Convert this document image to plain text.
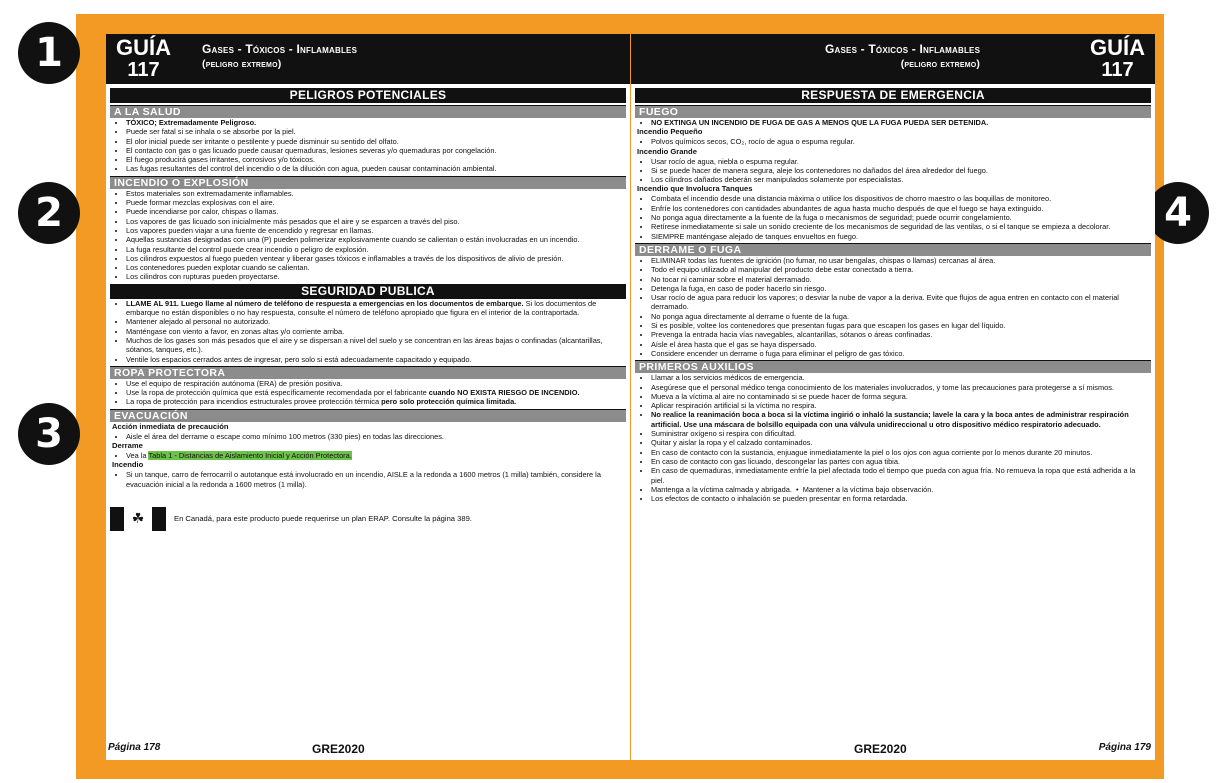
1
2
3
4
GUÍA
117
Gases - Tóxicos - Inflamables
(peligro extremo)
PELIGROS POTENCIALES
A LA SALUD
• TÓXICO; Extremadamente Peligroso.
• Puede ser fatal si se inhala o se absorbe por la piel.
• El olor inicial puede ser irritante o pestilente y puede disminuir su sentido del olfato.
• El contacto con gas o gas licuado puede causar quemaduras, lesiones severas y/o quemaduras por congelación.
• El fuego producirá gases irritantes, corrosivos y/o tóxicos.
• Las fugas resultantes del control del incendio o de la dilución con agua, pueden causar contaminación ambiental.
INCENDIO O EXPLOSIÓN
• Estos materiales son extremadamente inflamables.
• Puede formar mezclas explosivas con el aire.
• Puede incendiarse por calor, chispas o llamas.
• Los vapores de gas licuado son inicialmente más pesados que el aire y se esparcen a través del piso.
• Los vapores pueden viajar a una fuente de encendido y regresar en llamas.
• Aquellas sustancias designadas con una (P) pueden polimerizar explosivamente cuando se calientan o están involucradas en un incendio.
• La fuga resultante del control puede crear incendio o peligro de explosión.
• Los cilindros expuestos al fuego pueden ventear y liberar gases tóxicos e inflamables a través de los dispositivos de alivio de presión.
• Los contenedores pueden explotar cuando se calientan.
• Los cilindros con rupturas pueden proyectarse.
SEGURIDAD PUBLICA
• LLAME AL 911. Luego llame al número de teléfono de respuesta a emergencias en los documentos de embarque. Si los documentos de embarque no están disponibles o no hay respuesta, consulte el número de teléfono apropiado que figura en el interior de la contraportada.
• Mantener alejado al personal no autorizado.
• Manténgase con viento a favor, en zonas altas y/o corriente arriba.
• Muchos de los gases son más pesados que el aire y se dispersan a nivel del suelo y se concentran en las áreas bajas o confinadas (alcantarillas, sótanos, tanques, etc.).
• Ventile los espacios cerrados antes de ingresar, pero solo si está adecuadamente capacitado y equipado.
ROPA PROTECTORA
• Use el equipo de respiración autónoma (ERA) de presión positiva.
• Use la ropa de protección química que está específicamente recomendada por el fabricante cuando NO EXISTA RIESGO DE INCENDIO.
• La ropa de protección para incendios estructurales provee protección térmica pero solo protección química limitada.
EVACUACIÓN
Acción inmediata de precaución
• Aisle el área del derrame o escape como mínimo 100 metros (330 pies) en todas las direcciones.
Derrame
• Vea la Tabla 1 - Distancias de Aislamiento Inicial y Acción Protectora.
Incendio
• Si un tanque, carro de ferrocarril o autotanque está involucrado en un incendio, AISLE a la redonda a 1600 metros (1 milla) también, considere la evacuación inicial a la redonda a 1600 metros (1 milla).
☘	En Canadá, para este producto puede requerirse un plan ERAP. Consulte la página 389.
Página 178	GRE2020
Gases - Tóxicos - Inflamables
(peligro extremo)
GUÍA
117
RESPUESTA DE EMERGENCIA
FUEGO
• NO EXTINGA UN INCENDIO DE FUGA DE GAS A MENOS QUE LA FUGA PUEDA SER DETENIDA.
Incendio Pequeño
• Polvos químicos secos, CO₂, rocío de agua o espuma regular.
Incendio Grande
• Usar rocío de agua, niebla o espuma regular.
• Si se puede hacer de manera segura, aleje los contenedores no dañados del área alrededor del fuego.
• Los cilindros dañados deberán ser manipulados solamente por especialistas.
Incendio que Involucra Tanques
• Combata el incendio desde una distancia máxima o utilice los dispositivos de chorro maestro o las boquillas de monitoreo.
• Enfríe los contenedores con cantidades abundantes de agua hasta mucho después de que el fuego se haya extinguido.
• No ponga agua directamente a la fuente de la fuga o mecanismos de seguridad; puede ocurrir congelamiento.
• Retírese inmediatamente si sale un sonido creciente de los mecanismos de seguridad de las ventilas, o si el tanque se empieza a decolorar.
• SIEMPRE manténgase alejado de tanques envueltos en fuego.
DERRAME O FUGA
• ELIMINAR todas las fuentes de ignición (no fumar, no usar bengalas, chispas o llamas) cercanas al área.
• Todo el equipo utilizado al manipular del producto debe estar conectado a tierra.
• No tocar ni caminar sobre el material derramado.
• Detenga la fuga, en caso de poder hacerlo sin riesgo.
• Usar rocío de agua para reducir los vapores; o desviar la nube de vapor a la deriva. Evite que flujos de agua entren en contacto con el material derramado.
• No ponga agua directamente al derrame o fuente de la fuga.
• Si es posible, voltee los contenedores que presentan fugas para que escapen los gases en lugar del líquido.
• Prevenga la entrada hacia vías navegables, alcantarillas, sótanos o áreas confinadas.
• Aísle el área hasta que el gas se haya dispersado.
• Considere encender un derrame o fuga para eliminar el peligro de gas tóxico.
PRIMEROS AUXILIOS
• Llamar a los servicios médicos de emergencia.
• Asegúrese que el personal médico tenga conocimiento de los materiales involucrados, y tome las precauciones para protegerse a sí mismos.
• Mueva a la víctima al aire no contaminado si se puede hacer de forma segura.
• Aplicar respiración artificial si la víctima no respira.
• No realice la reanimación boca a boca si la víctima ingirió o inhaló la sustancia; lavele la cara y la boca antes de administrar respiración artificial. Use una máscara de bolsillo equipada con una válvula unidireccional u otro dispositivo médico respiratorio adecuado.
• Suministrar oxígeno si respira con dificultad.
• Quitar y aislar la ropa y el calzado contaminados.
• En caso de contacto con la sustancia, enjuague inmediatamente la piel o los ojos con agua corriente por lo menos durante 20 minutos.
• En caso de contacto con gas licuado, descongelar las partes con agua tibia.
• En caso de quemaduras, inmediatamente enfríe la piel afectada todo el tiempo que pueda con agua fría. No remueva la ropa que está adherida a la piel.
• Mantenga a la víctima calmada y abrigada.  •  Mantener a la víctima bajo observación.
• Los efectos de contacto o inhalación se pueden presentar en forma retardada.
GRE2020	Página 179
